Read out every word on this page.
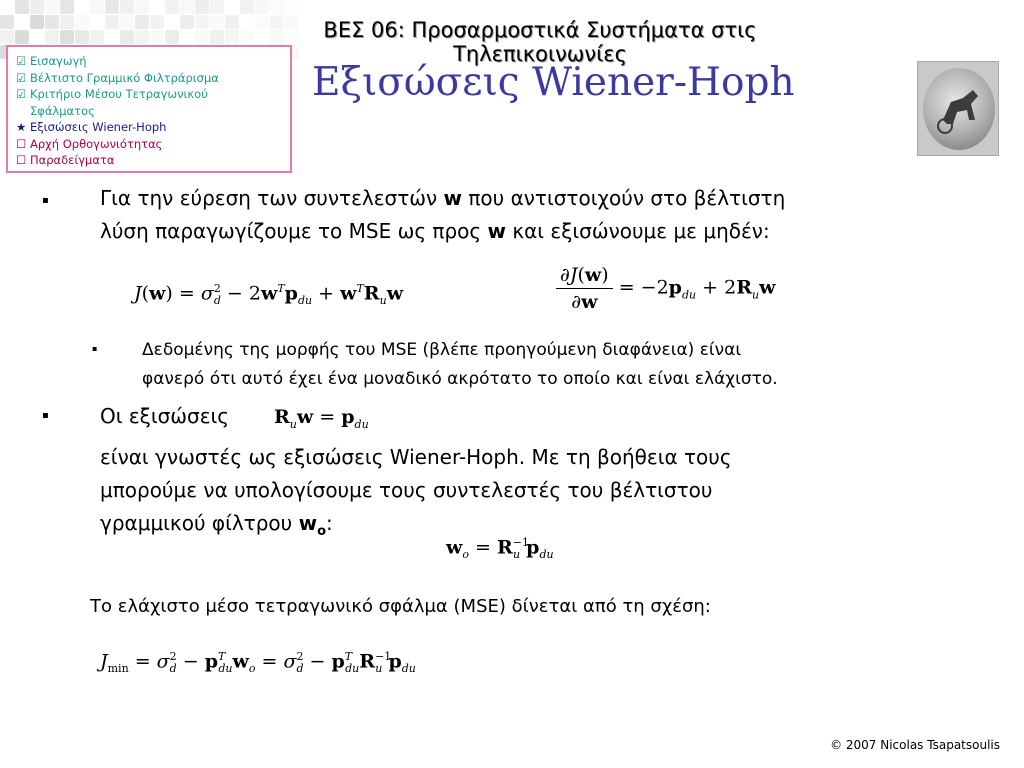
ΒΕΣ 06: Προσαρμοστικά Συστήματα στις Τηλεπικοινωνίες
☑ Εισαγωγή
☑ Βέλτιστο Γραμμικό Φιλτράρισμα
☑ Κριτήριο Μέσου Τετραγωνικού
Σφάλματος
★ Εξισώσεις Wiener-Hoph
☐ Αρχή Ορθογωνιότητας
☐ Παραδείγματα
Εξισώσεις Wiener-Hoph
▪	Για την εύρεση των συντελεστών w που αντιστοιχούν στο βέλτιστη
λύση παραγωγίζουμε το MSE ως προς w και εξισώνουμε με μηδέν:
$J(w) = \sigma^2_d - 2w^Tp_{du} + w^TR_uw$	$\frac{\partial J(w)}{\partial w} = -2p_{du} + 2R_uw$
▪	Δεδομένης της μορφής του MSE (βλέπε προηγούμενη διαφάνεια) είναι
φανερό ότι αυτό έχει ένα μοναδικό ακρότατο το οποίο και είναι ελάχιστο.
▪	Οι εξισώσεις
είναι γνωστές ως εξισώσεις Wiener-Hoph. Με τη βοήθεια τους
μπορούμε να υπολογίσουμε τους συντελεστές του βέλτιστου
γραμμικού φίλτρου $w_o$:
$R_uw = p_{du}$
$w_o = R^{-1}_u$ $p_{du}$
Το ελάχιστο μέσο τετραγωνικό σφάλμα (MSE) δίνεται από τη σχέση:
$J_{min} = \sigma^2_d - p^T_{du}w_o = \sigma^2_d - p^T_{du}R^{-1}_u$ $p_{du}$
© 2007 Nicolas Tsapatsoulis
